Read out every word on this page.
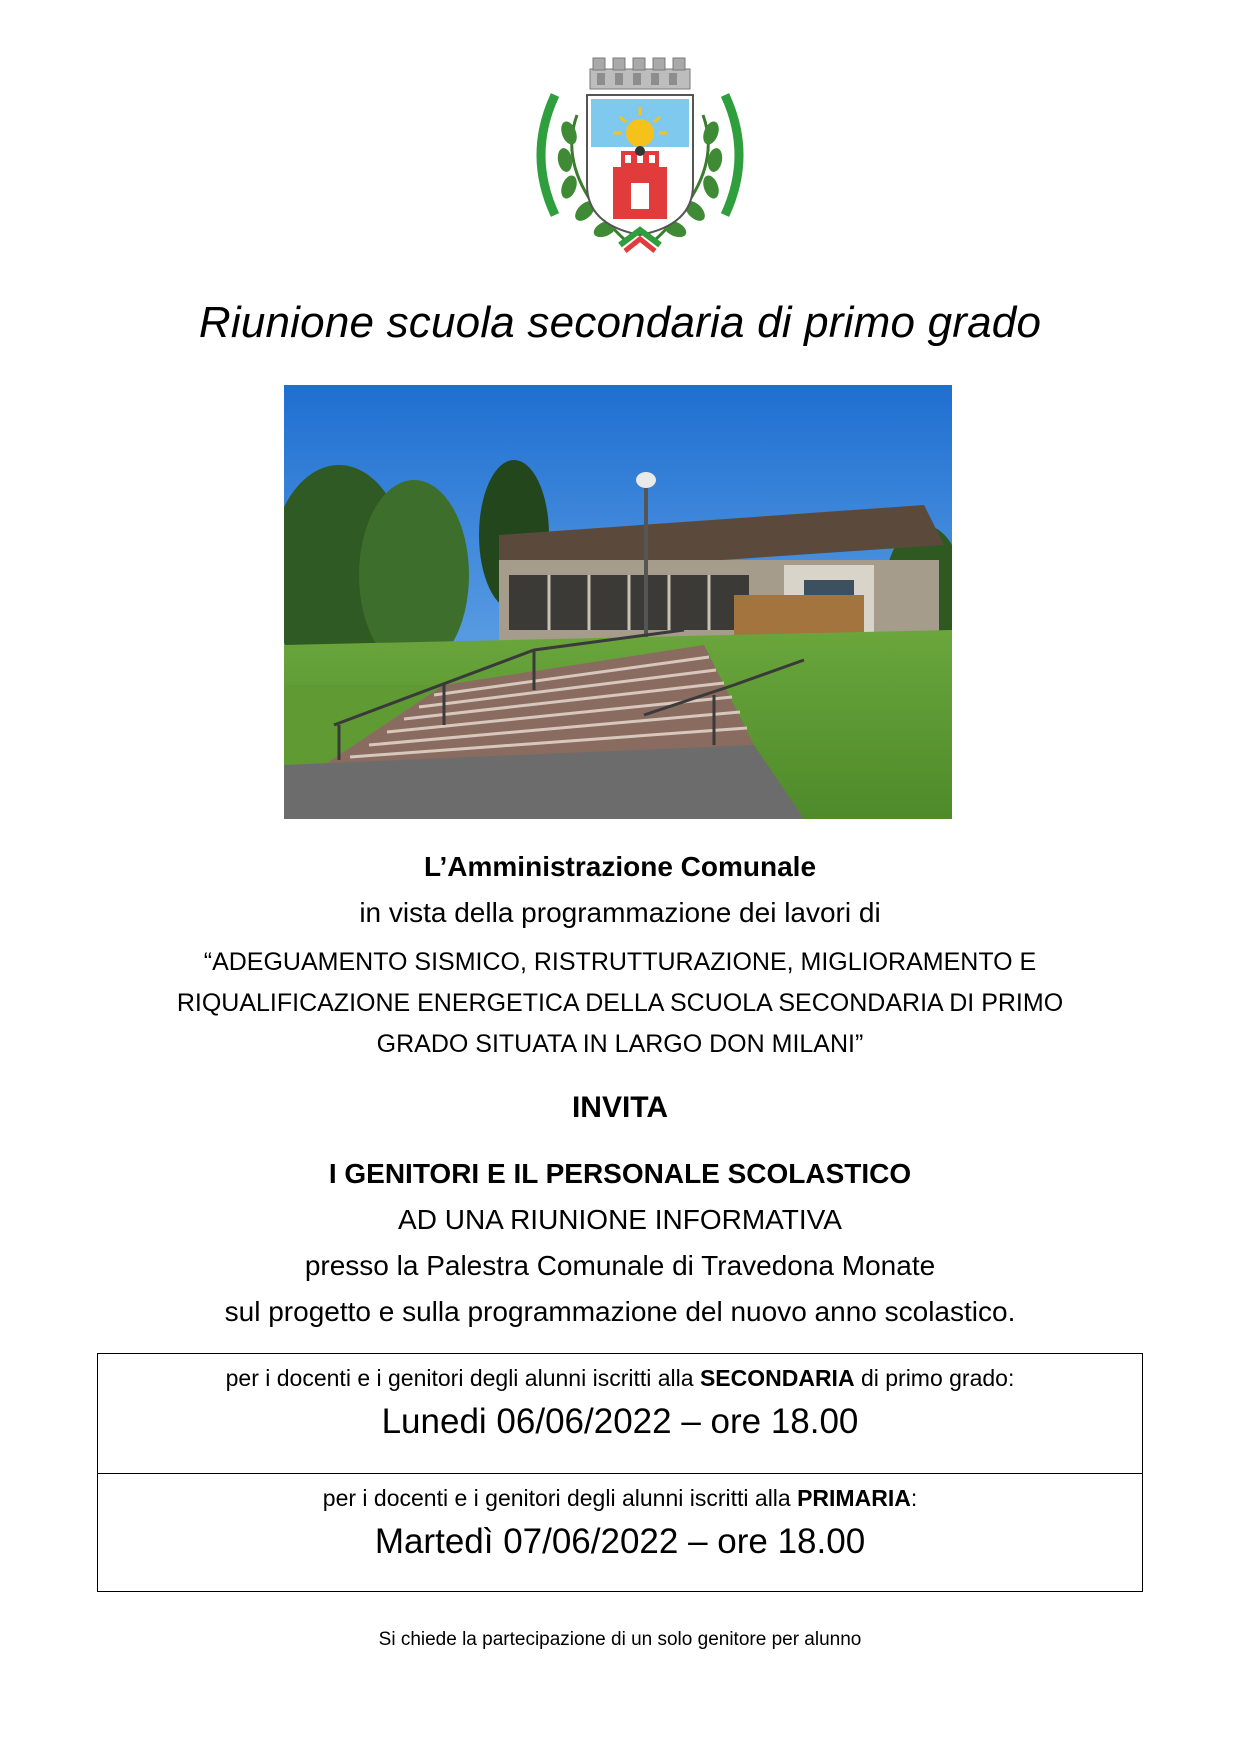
Riunione scuola secondaria di primo grado
L’Amministrazione Comunale
in vista della programmazione dei lavori di
“ADEGUAMENTO SISMICO, RISTRUTTURAZIONE, MIGLIORAMENTO E
RIQUALIFICAZIONE ENERGETICA DELLA SCUOLA SECONDARIA DI PRIMO
GRADO SITUATA IN LARGO DON MILANI”
INVITA
I GENITORI E IL PERSONALE SCOLASTICO
AD UNA RIUNIONE INFORMATIVA
presso la Palestra Comunale di Travedona Monate
sul progetto e sulla programmazione del nuovo anno scolastico.
per i docenti e i genitori degli alunni iscritti alla SECONDARIA di primo grado:
Lunedi 06/06/2022 – ore 18.00
per i docenti e i genitori degli alunni iscritti alla PRIMARIA:
Martedì 07/06/2022 – ore 18.00
Si chiede la partecipazione di un solo genitore per alunno
